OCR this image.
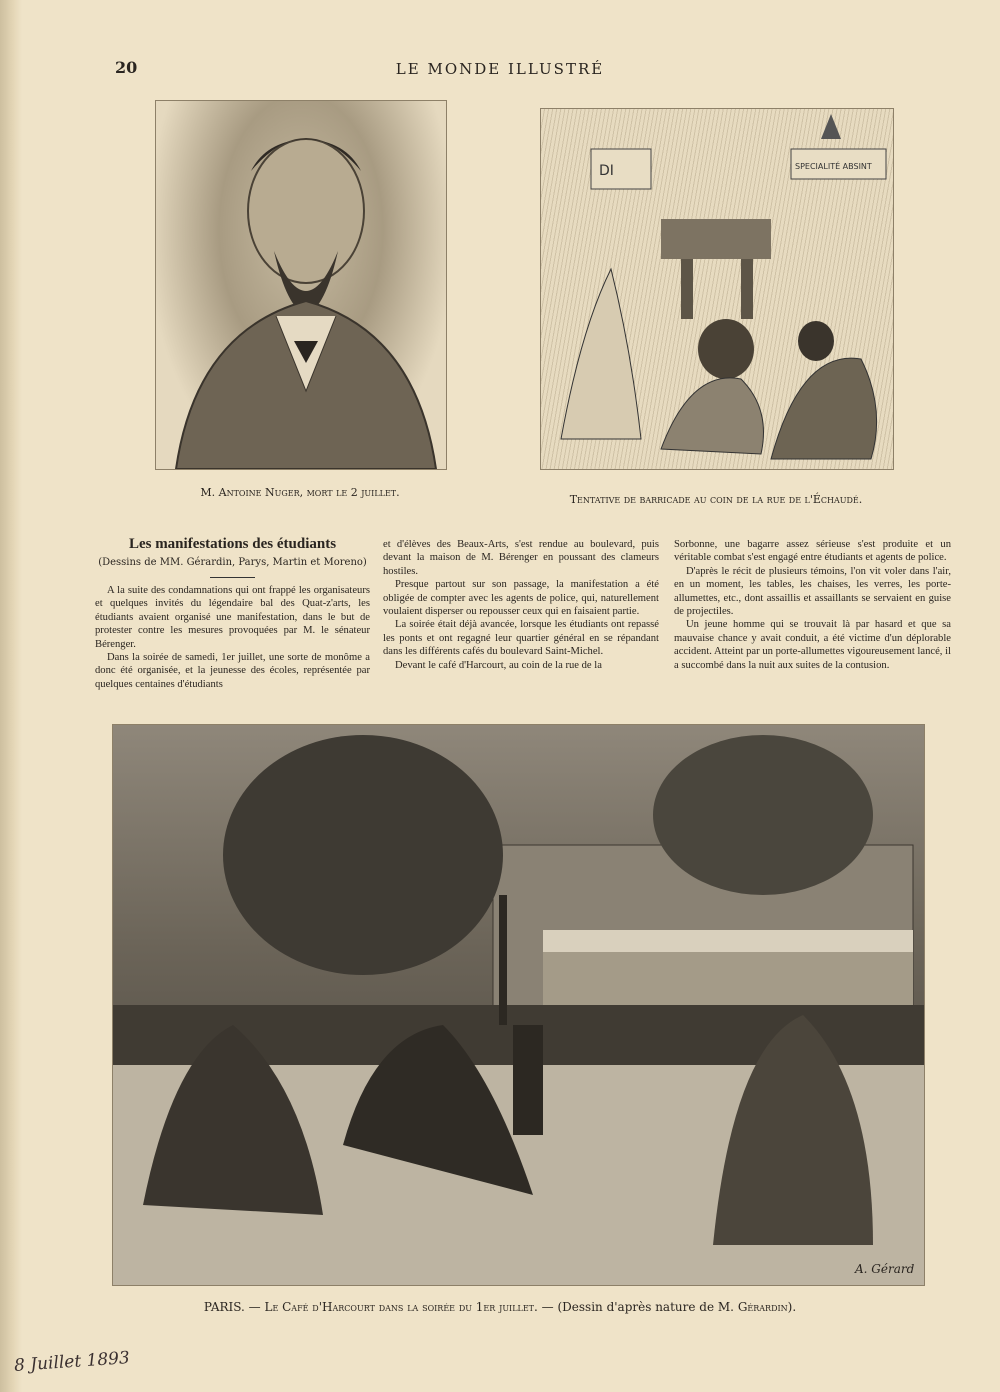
20	LE MONDE ILLUSTRÉ
M. Antoine Nuger, mort le 2 juillet.
DI	SPECIALITÉ ABSINT
Tentative de barricade au coin de la rue de l'Échaudé.
Les manifestations des étudiants
(Dessins de MM. Gérardin, Parys, Martin et Moreno)

A la suite des condamnations qui ont frappé les organisateurs et quelques invités du légendaire bal des Quat-z'arts, les étudiants avaient organisé une manifestation, dans le but de protester contre les mesures provoquées par M. le sénateur Bérenger.

Dans la soirée de samedi, 1er juillet, une sorte de monôme a donc été organisée, et la jeunesse des écoles, représentée par quelques centaines d'étudiants

et d'élèves des Beaux-Arts, s'est rendue au boulevard, puis devant la maison de M. Bérenger en poussant des clameurs hostiles.

Presque partout sur son passage, la manifestation a été obligée de compter avec les agents de police, qui, naturellement voulaient disperser ou repousser ceux qui en faisaient partie.

La soirée était déjà avancée, lorsque les étudiants ont repassé les ponts et ont regagné leur quartier général en se répandant dans les différents cafés du boulevard Saint-Michel.

Devant le café d'Harcourt, au coin de la rue de la

Sorbonne, une bagarre assez sérieuse s'est produite et un véritable combat s'est engagé entre étudiants et agents de police.

D'après le récit de plusieurs témoins, l'on vit voler dans l'air, en un moment, les tables, les chaises, les verres, les porte-allumettes, etc., dont assaillis et assaillants se servaient en guise de projectiles.

Un jeune homme qui se trouvait là par hasard et que sa mauvaise chance y avait conduit, a été victime d'un déplorable accident. Atteint par un porte-allumettes vigoureusement lancé, il a succombé dans la nuit aux suites de la contusion.

A. Gérard
PARIS. — Le Café d'Harcourt dans la soirée du 1er juillet. — (Dessin d'après nature de M. Gérardin).
8 Juillet 1893
